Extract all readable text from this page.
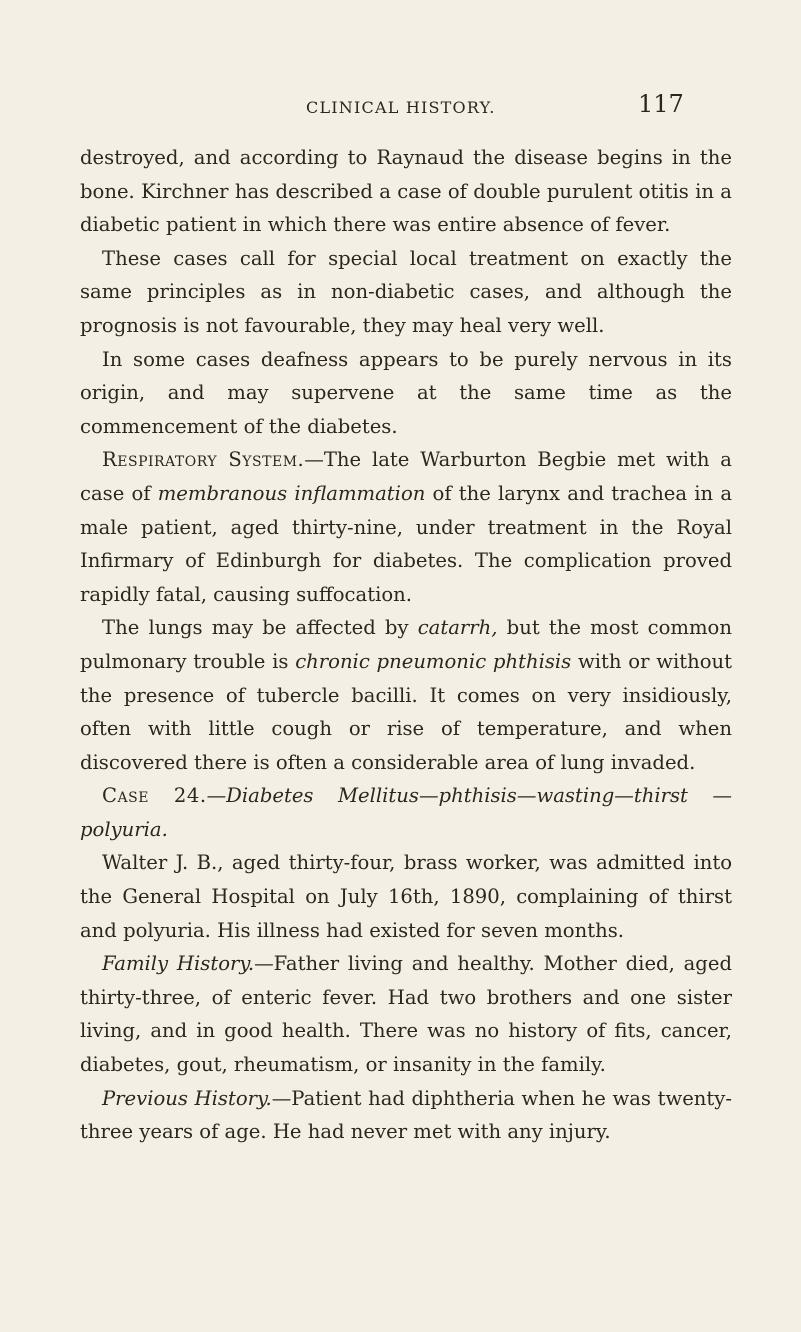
CLINICAL HISTORY.	117

destroyed, and according to Raynaud the disease begins in the bone. Kirchner has described a case of double purulent otitis in a diabetic patient in which there was entire absence of fever.

These cases call for special local treatment on exactly the same principles as in non-diabetic cases, and although the prognosis is not favourable, they may heal very well.

In some cases deafness appears to be purely nervous in its origin, and may supervene at the same time as the commencement of the diabetes.

Respiratory System.—The late Warburton Begbie met with a case of membranous inflammation of the larynx and trachea in a male patient, aged thirty-nine, under treatment in the Royal Infirmary of Edinburgh for diabetes. The complication proved rapidly fatal, causing suffocation.

The lungs may be affected by catarrh, but the most common pulmonary trouble is chronic pneumonic phthisis with or without the presence of tubercle bacilli. It comes on very insidiously, often with little cough or rise of temperature, and when discovered there is often a considerable area of lung invaded.

Case 24.—Diabetes Mellitus—phthisis—wasting—thirst —polyuria.

Walter J. B., aged thirty-four, brass worker, was admitted into the General Hospital on July 16th, 1890, complaining of thirst and polyuria. His illness had existed for seven months.

Family History.—Father living and healthy. Mother died, aged thirty-three, of enteric fever. Had two brothers and one sister living, and in good health. There was no history of fits, cancer, diabetes, gout, rheumatism, or insanity in the family.

Previous History.—Patient had diphtheria when he was twenty-three years of age. He had never met with any injury.
